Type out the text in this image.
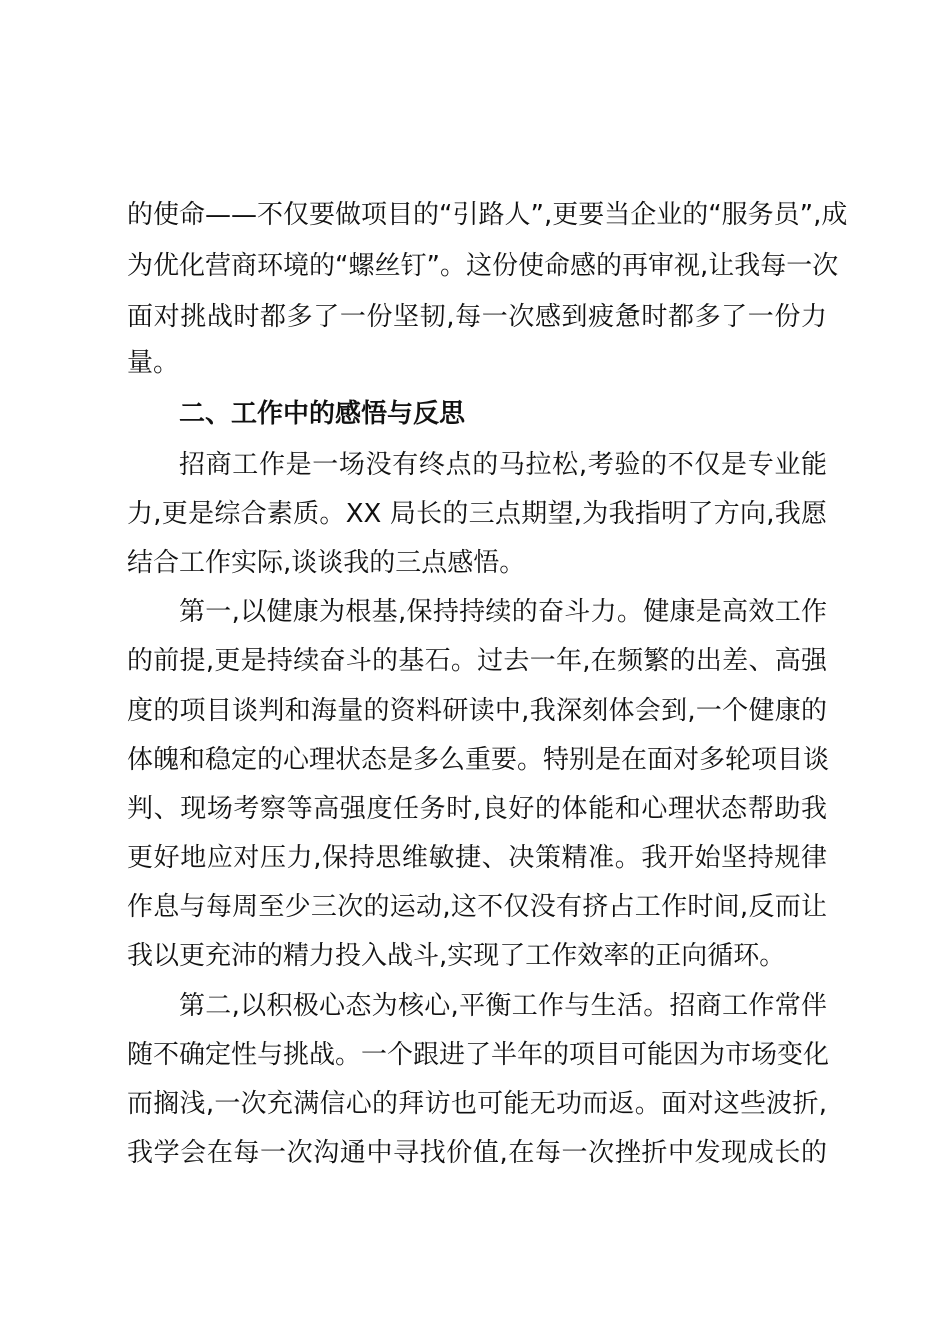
的使命——不仅要做项目的“引路人”,更要当企业的“服务员”,成
为优化营商环境的“螺丝钉”。这份使命感的再审视,让我每一次
面对挑战时都多了一份坚韧,每一次感到疲惫时都多了一份力
量。
二、工作中的感悟与反思
招商工作是一场没有终点的马拉松,考验的不仅是专业能
力,更是综合素质。XX 局长的三点期望,为我指明了方向,我愿
结合工作实际,谈谈我的三点感悟。
第一,以健康为根基,保持持续的奋斗力。健康是高效工作
的前提,更是持续奋斗的基石。过去一年,在频繁的出差、高强
度的项目谈判和海量的资料研读中,我深刻体会到,一个健康的
体魄和稳定的心理状态是多么重要。特别是在面对多轮项目谈
判、现场考察等高强度任务时,良好的体能和心理状态帮助我
更好地应对压力,保持思维敏捷、决策精准。我开始坚持规律
作息与每周至少三次的运动,这不仅没有挤占工作时间,反而让
我以更充沛的精力投入战斗,实现了工作效率的正向循环。
第二,以积极心态为核心,平衡工作与生活。招商工作常伴
随不确定性与挑战。一个跟进了半年的项目可能因为市场变化
而搁浅,一次充满信心的拜访也可能无功而返。面对这些波折,
我学会在每一次沟通中寻找价值,在每一次挫折中发现成长的
